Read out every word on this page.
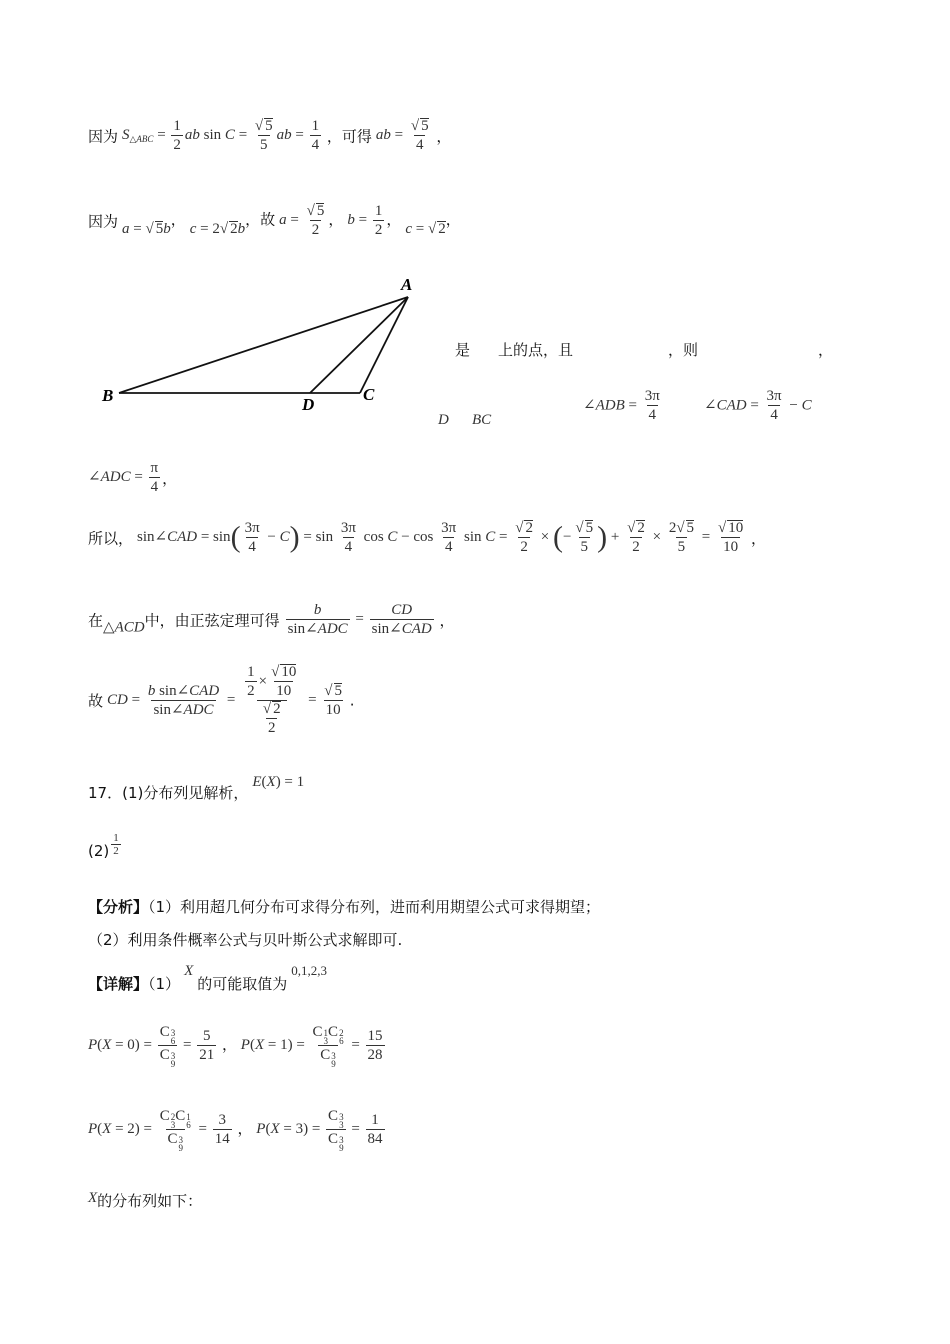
因为 $S_{\triangle ABC} = \frac{1}{2}$ ab $\sin C = \frac{√ 5}{5}$ ab = $\frac{1}{4}$ ，可得 ab = $\frac{√ 5}{4}$ ，
因为 a = √ 5b， c = 2√ 2b，故 $a = \frac{√ 5}{2}$ ， $b = \frac{1}{2}$ ， c = √ 2，
A
B	C
D
是 上的点，且	，则	，
D BC
∠ADB = $\frac{3\pi}{4}$	∠CAD = $\frac{3\pi}{4} - C$
∠ADC = $\frac{\pi}{4}$ ，
所以， sin∠CAD = $\sin( \frac{3\pi}{4} - C) = \sin \frac{3\pi}{4}$ $\cos C - \cos \frac{3\pi}{4}$ $\sin C = \frac{√ 2}{2}$ × (− $\frac{√ 5}{5}$ ) + $\frac{√ 2}{2} \times \frac{2√ 5}{5} = \frac{√ 10}{10}$ ，
在△ACD中，由正弦定理可得 $\frac{b}{\text{sin∠ADC}} = \frac{CD}{\text{sin∠CAD}}$ ，
故 CD = $\frac{\text{b sin∠CAD}}{\text{sin∠ADC}} = \frac{\frac{1}{2} \times \frac{√ 10}{10}}{\frac{√ 2}{2}} = \frac{√ 5}{10}$ .
17．(1)分布列见解析， E(X) = 1
$(2) \frac{1}{2}$
【分析】（1）利用超几何分布可求得分布列，进而利用期望公式可求得期望；
（2）利用条件概率公式与贝叶斯公式求解即可.
【详解】（1） X 的可能取值为 0,1,2,3
P(X = 0) = C 3
6
C 3
$9 = \frac{5}{21}$ ， P(X = 1) = C 1
3
C 2
6
C 3
$9 = \frac{15}{28}$
P(X = 2) = C 2
3
C 1
6
C 3
$9 = \frac{3}{14}$ ， P(X = 3) = C 3
3
C 3
$9 = \frac{1}{84}$
X的分布列如下：
